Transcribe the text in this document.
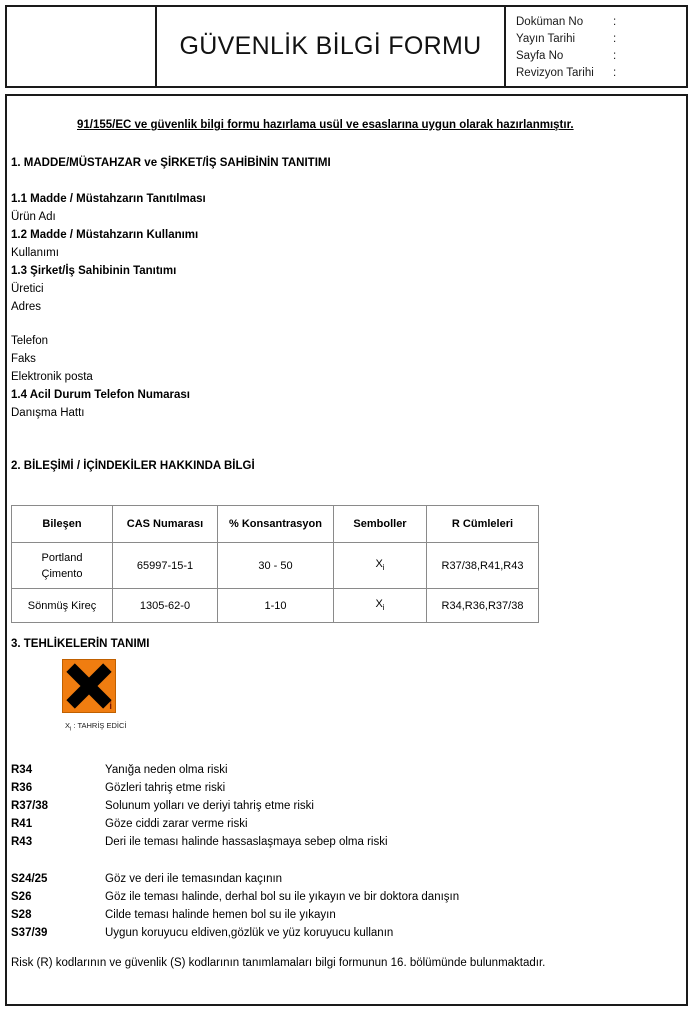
GÜVENLİK BİLGİ FORMU
Doküman No	:
Yayın Tarihi	:
Sayfa No	:
Revizyon Tarihi	:
91/155/EC ve güvenlik bilgi formu hazırlama usül ve esaslarına uygun olarak hazırlanmıştır.
1. MADDE/MÜSTAHZAR ve ŞİRKET/İŞ SAHİBİNİN TANITIMI
1.1 Madde / Müstahzarın Tanıtılması
Ürün Adı
1.2 Madde / Müstahzarın Kullanımı
Kullanımı
1.3 Şirket/İş Sahibinin Tanıtımı
Üretici
Adres
Telefon
Faks
Elektronik posta
1.4 Acil Durum Telefon Numarası
Danışma Hattı
2. BİLEŞİMİ / İÇİNDEKİLER HAKKINDA BİLGİ
Bileşen	CAS Numarası	% Konsantrasyon	Semboller	R Cümleleri

Portland
Çimento	65997-15-1	30 - 50	$X_i$	R37/38,R41,R43
Sönmüş Kireç	1305-62-0	1-10	$X_i$	R34,R36,R37/38
3. TEHLİKELERİN TANIMI
i
$X_i$ : TAHRİŞ EDİCİ
R34	Yanığa neden olma riski
R36	Gözleri tahriş etme riski
R37/38	Solunum yolları ve deriyi tahriş etme riski
R41	Göze ciddi zarar verme riski
R43	Deri ile teması halinde hassaslaşmaya sebep olma riski
S24/25	Göz ve deri ile temasından kaçının
S26	Göz ile teması halinde, derhal bol su ile yıkayın ve bir doktora danışın
S28	Cilde teması halinde hemen bol su ile yıkayın
S37/39	Uygun koruyucu eldiven,gözlük ve yüz koruyucu kullanın
Risk (R) kodlarının ve güvenlik (S) kodlarının tanımlamaları bilgi formunun 16. bölümünde bulunmaktadır.
